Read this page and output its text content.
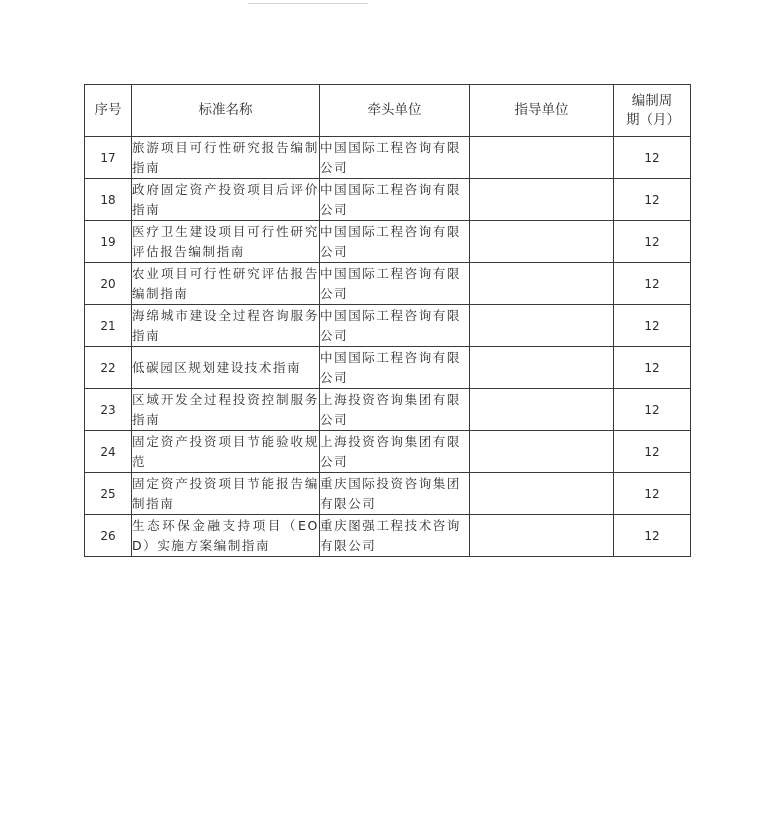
序号	标准名称	牵头单位	指导单位	编制周期（月）
17	旅游项目可行性研究报告编制指南	中国国际工程咨询有限公司		12
18	政府固定资产投资项目后评价指南	中国国际工程咨询有限公司		12
19	医疗卫生建设项目可行性研究评估报告编制指南	中国国际工程咨询有限公司		12
20	农业项目可行性研究评估报告编制指南	中国国际工程咨询有限公司		12
21	海绵城市建设全过程咨询服务指南	中国国际工程咨询有限公司		12
22	低碳园区规划建设技术指南	中国国际工程咨询有限公司		12
23	区域开发全过程投资控制服务指南	上海投资咨询集团有限公司		12
24	固定资产投资项目节能验收规范	上海投资咨询集团有限公司		12
25	固定资产投资项目节能报告编制指南	重庆国际投资咨询集团有限公司		12
26	生态环保金融支持项目（EOD）实施方案编制指南	重庆图强工程技术咨询有限公司		12
